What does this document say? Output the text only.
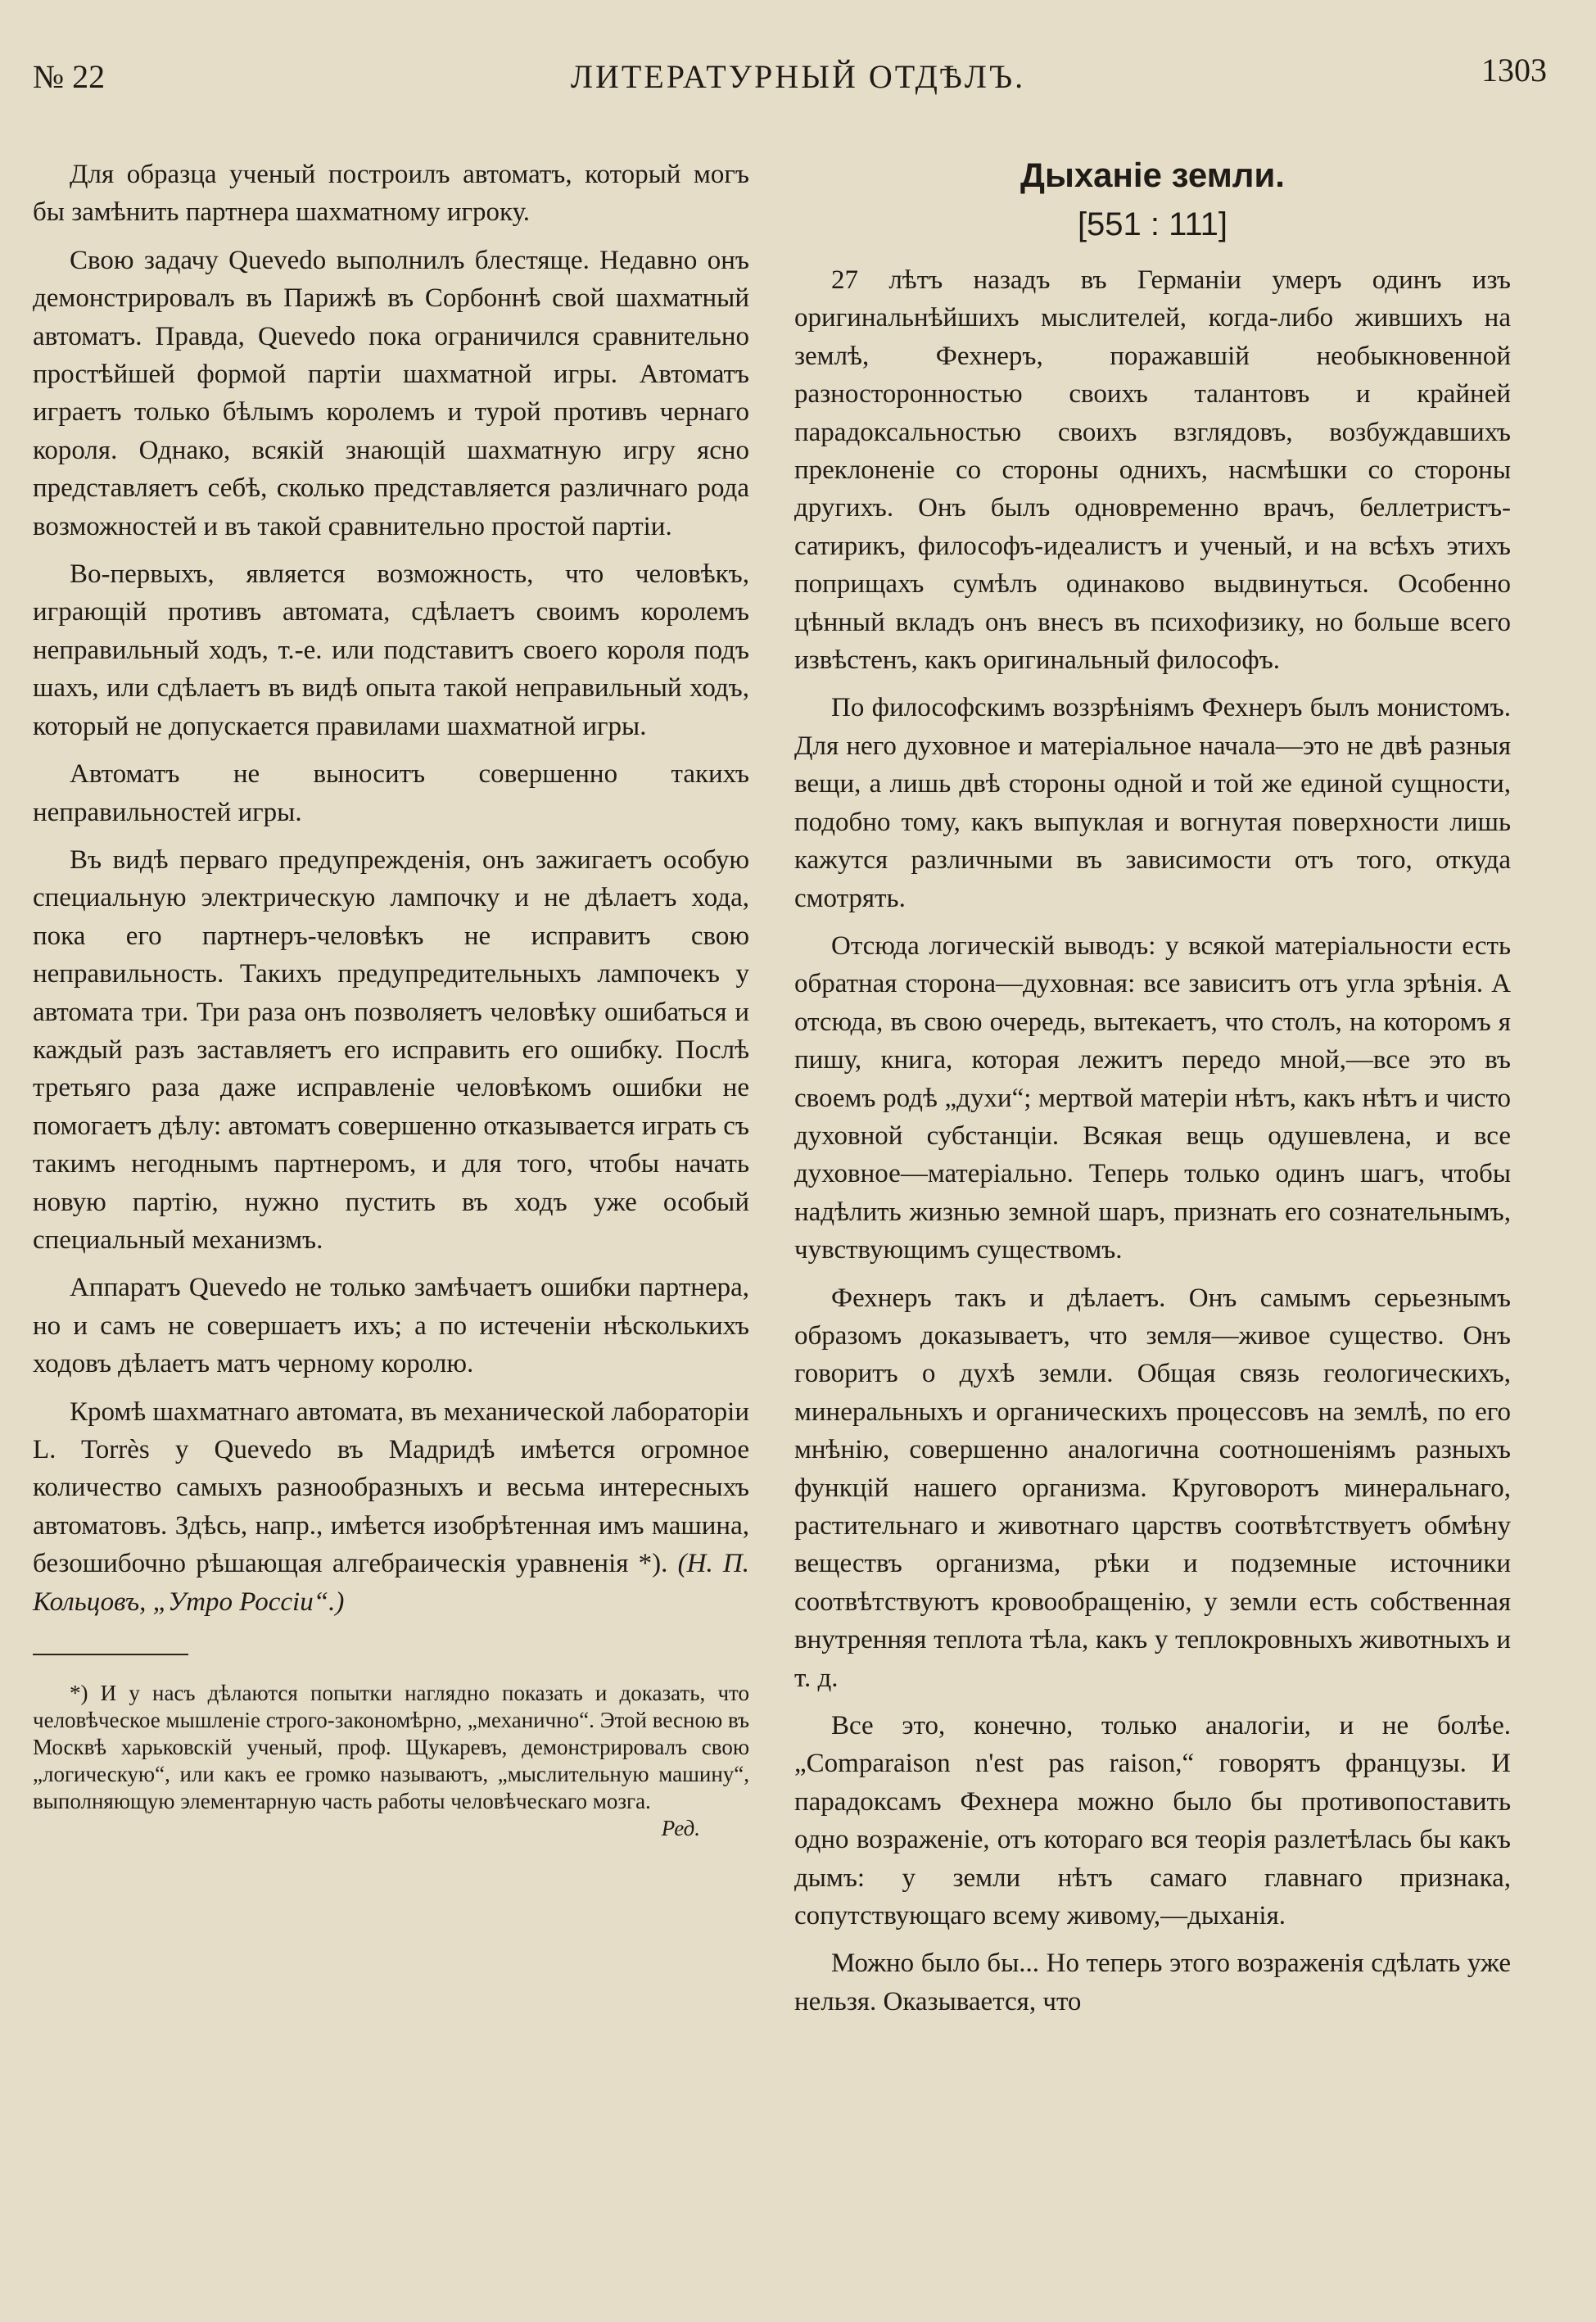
№ 22	ЛИТЕРАТУРНЫЙ ОТДѢЛЪ.	1303

Для образца ученый построилъ автоматъ, который могъ бы замѣнить партнера шахматному игроку.

Свою задачу Quevedo выполнилъ блестяще. Недавно онъ демонстрировалъ въ Парижѣ въ Сорбоннѣ свой шахматный автоматъ. Правда, Quevedo пока ограничился сравнительно простѣйшей формой партіи шахматной игры. Автоматъ играетъ только бѣлымъ королемъ и турой противъ чернаго короля. Однако, всякій знающій шахматную игру ясно представляетъ себѣ, сколько представляется различнаго рода возможностей и въ такой сравнительно простой партіи.

Во-первыхъ, является возможность, что человѣкъ, играющій противъ автомата, сдѣлаетъ своимъ королемъ неправильный ходъ, т.-е. или подставитъ своего короля подъ шахъ, или сдѣлаетъ въ видѣ опыта такой неправильный ходъ, который не допускается правилами шахматной игры.

Автоматъ не выноситъ совершенно такихъ неправильностей игры.

Въ видѣ перваго предупрежденія, онъ зажигаетъ особую специальную электрическую лампочку и не дѣлаетъ хода, пока его партнеръ-человѣкъ не исправитъ свою неправильность. Такихъ предупредительныхъ лампочекъ у автомата три. Три раза онъ позволяетъ человѣку ошибаться и каждый разъ заставляетъ его исправить его ошибку. Послѣ третьяго раза даже исправленіе человѣкомъ ошибки не помогаетъ дѣлу: автоматъ совершенно отказывается играть съ такимъ негоднымъ партнеромъ, и для того, чтобы начать новую партію, нужно пустить въ ходъ уже особый специальный механизмъ.

Аппаратъ Quevedo не только замѣчаетъ ошибки партнера, но и самъ не совершаетъ ихъ; а по истеченіи нѣсколькихъ ходовъ дѣлаетъ матъ черному королю.

Кромѣ шахматнаго автомата, въ механической лабораторіи L. Torrès у Quevedo въ Мадридѣ имѣется огромное количество самыхъ разнообразныхъ и весьма интересныхъ автоматовъ. Здѣсь, напр., имѣется изобрѣтенная имъ машина, безошибочно рѣшающая алгебраическія уравненія *). (Н. П. Кольцовъ, „Утро Россіи“.)

*) И у насъ дѣлаются попытки наглядно показать и доказать, что человѣческое мышленіе строго-закономѣрно, „механично“. Этой весною въ Москвѣ харьковскій ученый, проф. Щукаревъ, демонстрировалъ свою „логическую“, или какъ ее громко называютъ, „мыслительную машину“, выполняющую элементарную часть работы человѣческаго мозга.
Ред.

Дыханіе земли.
[551 : 111]

27 лѣтъ назадъ въ Германіи умеръ одинъ изъ оригинальнѣйшихъ мыслителей, когда-либо жившихъ на землѣ, Фехнеръ, поражавшій необыкновенной разносторонностью своихъ талантовъ и крайней парадоксальностью своихъ взглядовъ, возбуждавшихъ преклоненіе со стороны однихъ, насмѣшки со стороны другихъ. Онъ былъ одновременно врачъ, беллетристъ-сатирикъ, философъ-идеалистъ и ученый, и на всѣхъ этихъ поприщахъ сумѣлъ одинаково выдвинуться. Особенно цѣнный вкладъ онъ внесъ въ психофизику, но больше всего извѣстенъ, какъ оригинальный философъ.

По философскимъ воззрѣніямъ Фехнеръ былъ монистомъ. Для него духовное и матеріальное начала—это не двѣ разныя вещи, а лишь двѣ стороны одной и той же единой сущности, подобно тому, какъ выпуклая и вогнутая поверхности лишь кажутся различными въ зависимости отъ того, откуда смотрять.

Отсюда логическій выводъ: у всякой матеріальности есть обратная сторона—духовная: все зависитъ отъ угла зрѣнія. А отсюда, въ свою очередь, вытекаетъ, что столъ, на которомъ я пишу, книга, которая лежитъ передо мной,—все это въ своемъ родѣ „духи“; мертвой матеріи нѣтъ, какъ нѣтъ и чисто духовной субстанціи. Всякая вещь одушевлена, и все духовное—матеріально. Теперь только одинъ шагъ, чтобы надѣлить жизнью земной шаръ, признать его сознательнымъ, чувствующимъ существомъ.

Фехнеръ такъ и дѣлаетъ. Онъ самымъ серьезнымъ образомъ доказываетъ, что земля—живое существо. Онъ говоритъ о духѣ земли. Общая связь геологическихъ, минеральныхъ и органическихъ процессовъ на землѣ, по его мнѣнію, совершенно аналогична соотношеніямъ разныхъ функцій нашего организма. Круговоротъ минеральнаго, растительнаго и животнаго царствъ соотвѣтствуетъ обмѣну веществъ организма, рѣки и подземные источники соотвѣтствуютъ кровообращенію, у земли есть собственная внутренняя теплота тѣла, какъ у теплокровныхъ животныхъ и т. д.

Все это, конечно, только аналогіи, и не болѣе. „Comparaison n'est pas raison,“ говорятъ французы. И парадоксамъ Фехнера можно было бы противопоставить одно возраженіе, отъ котораго вся теорія разлетѣлась бы какъ дымъ: у земли нѣтъ самаго главнаго признака, сопутствующаго всему живому,—дыханія.

Можно было бы... Но теперь этого возраженія сдѣлать уже нельзя. Оказывается, что
